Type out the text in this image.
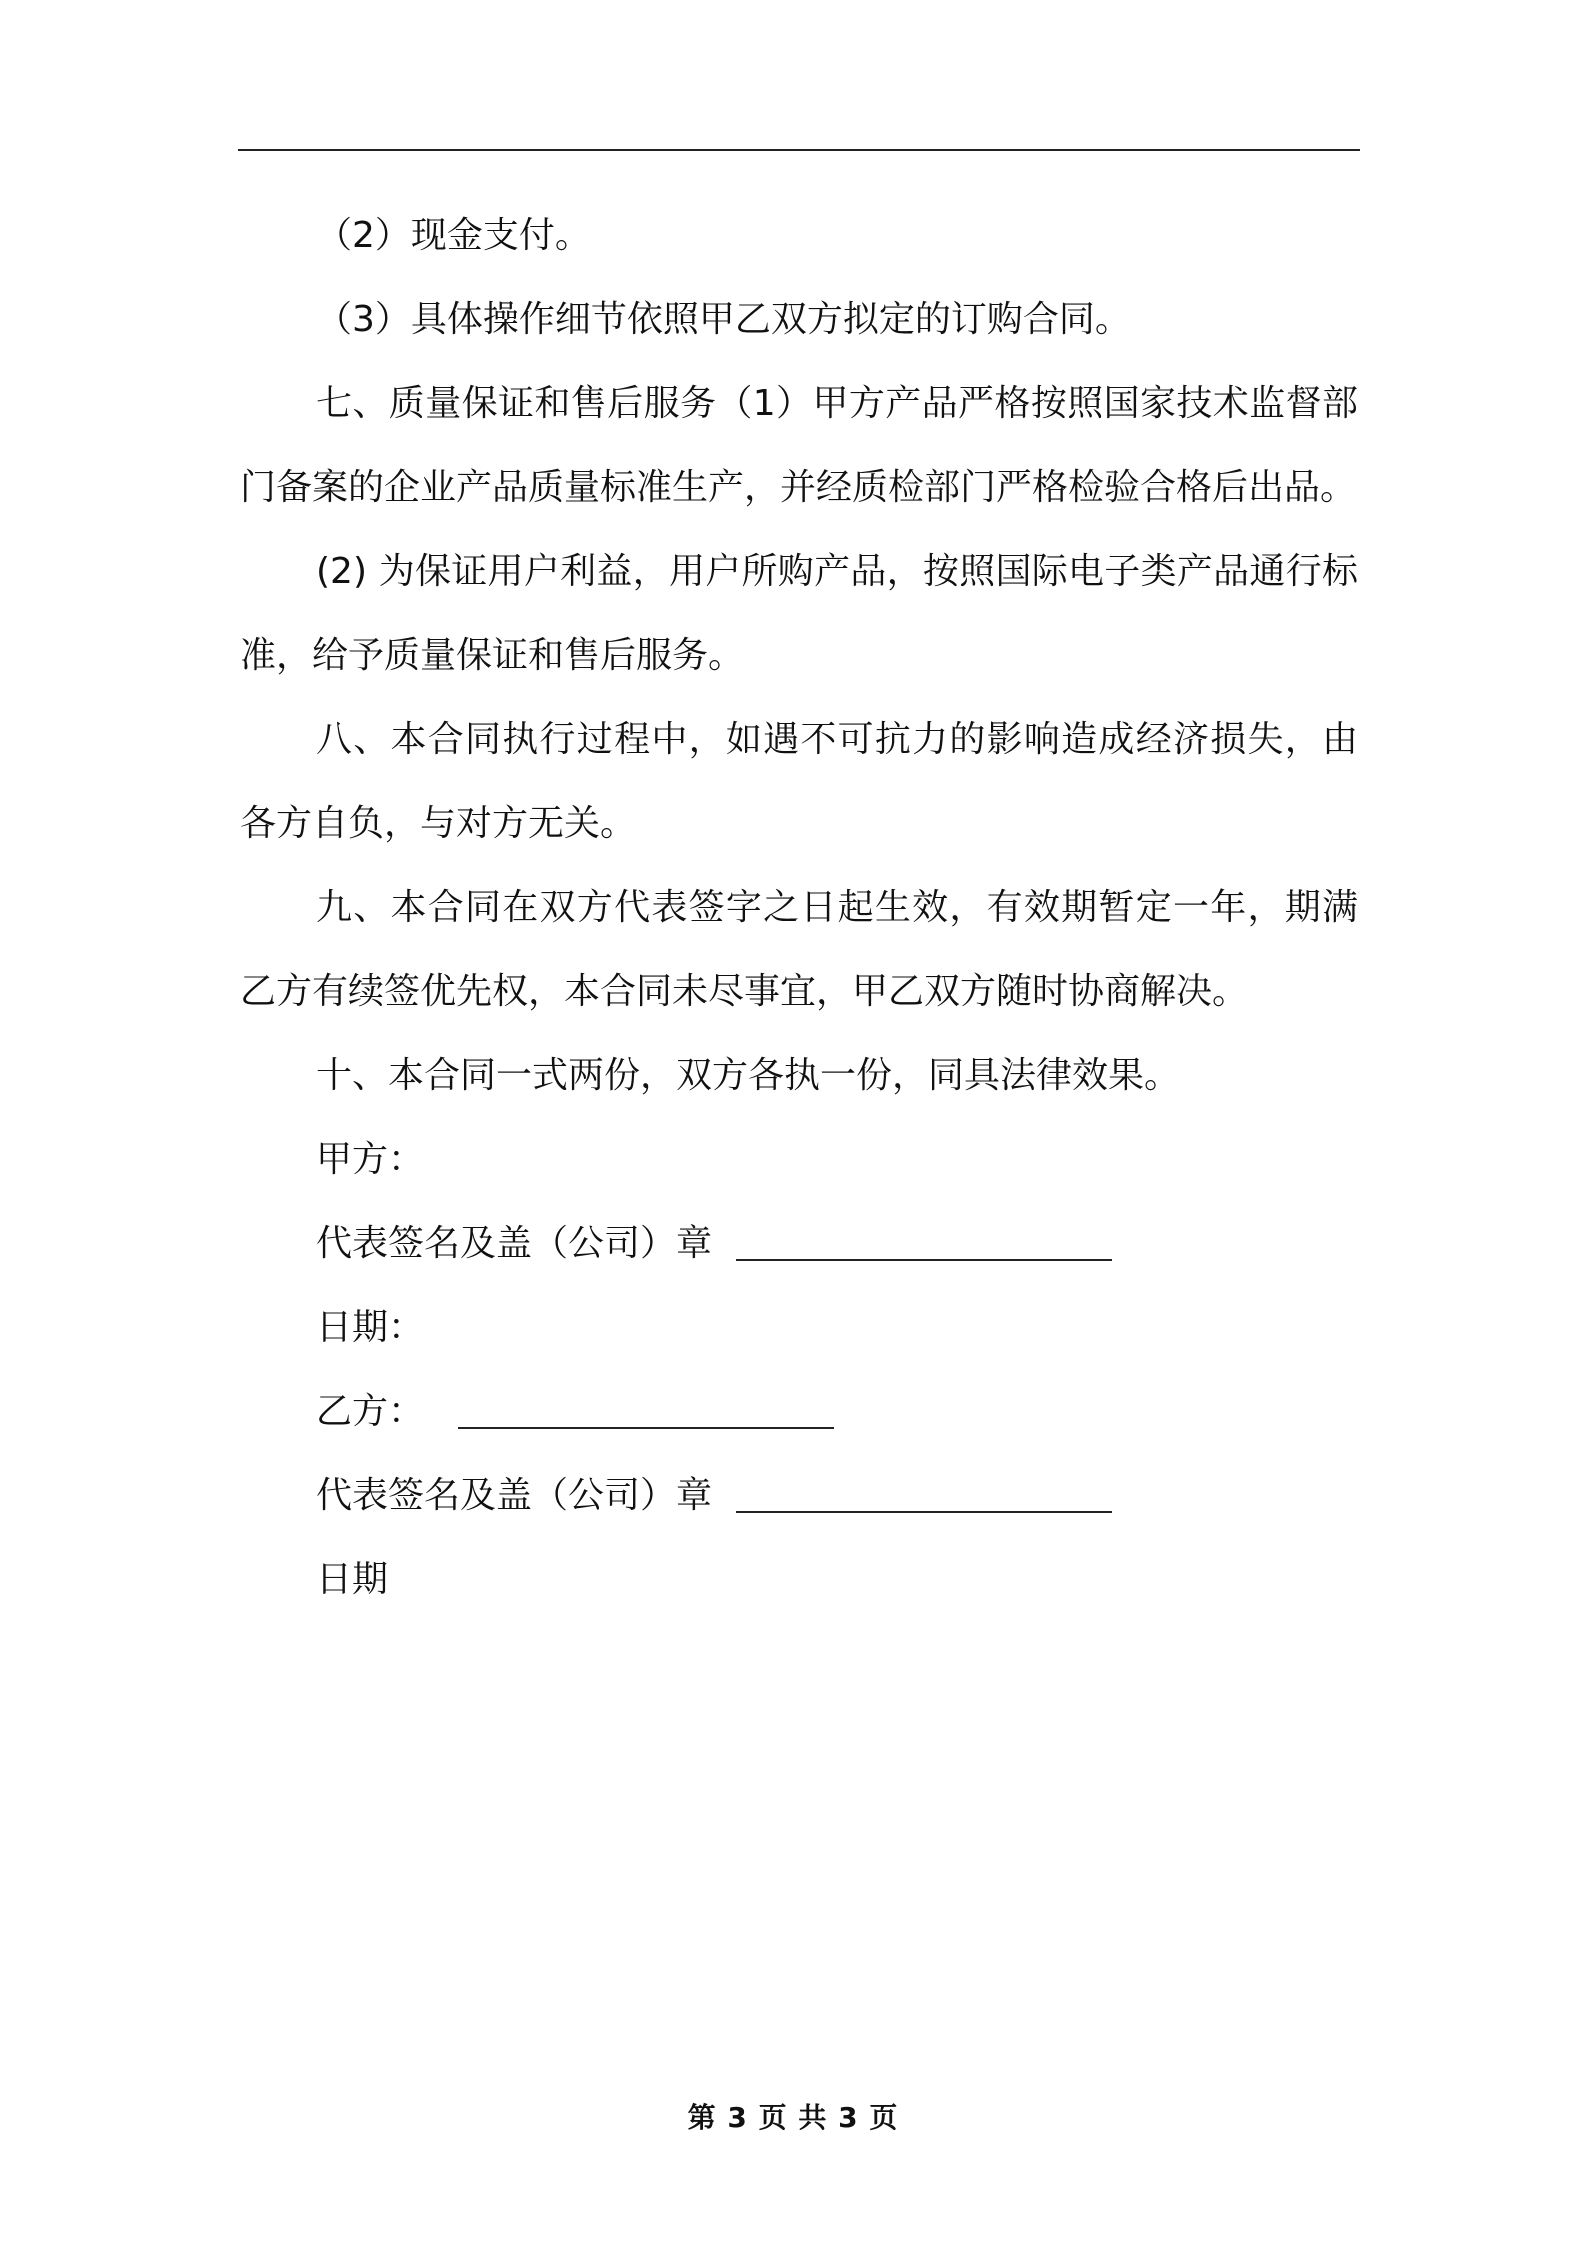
（2）现金支付。

（3）具体操作细节依照甲乙双方拟定的订购合同。

七、质量保证和售后服务（1）甲方产品严格按照国家技术监督部门备案的企业产品质量标准生产，并经质检部门严格检验合格后出品。

(2) 为保证用户利益，用户所购产品，按照国际电子类产品通行标准，给予质量保证和售后服务。

八、本合同执行过程中，如遇不可抗力的影响造成经济损失，由各方自负，与对方无关。

九、本合同在双方代表签字之日起生效，有效期暂定一年，期满乙方有续签优先权，本合同未尽事宜，甲乙双方随时协商解决。

十、本合同一式两份，双方各执一份，同具法律效果。

甲方：

代表签名及盖（公司）章

日期：

乙方：

代表签名及盖（公司）章

日期

第 3 页 共 3 页
